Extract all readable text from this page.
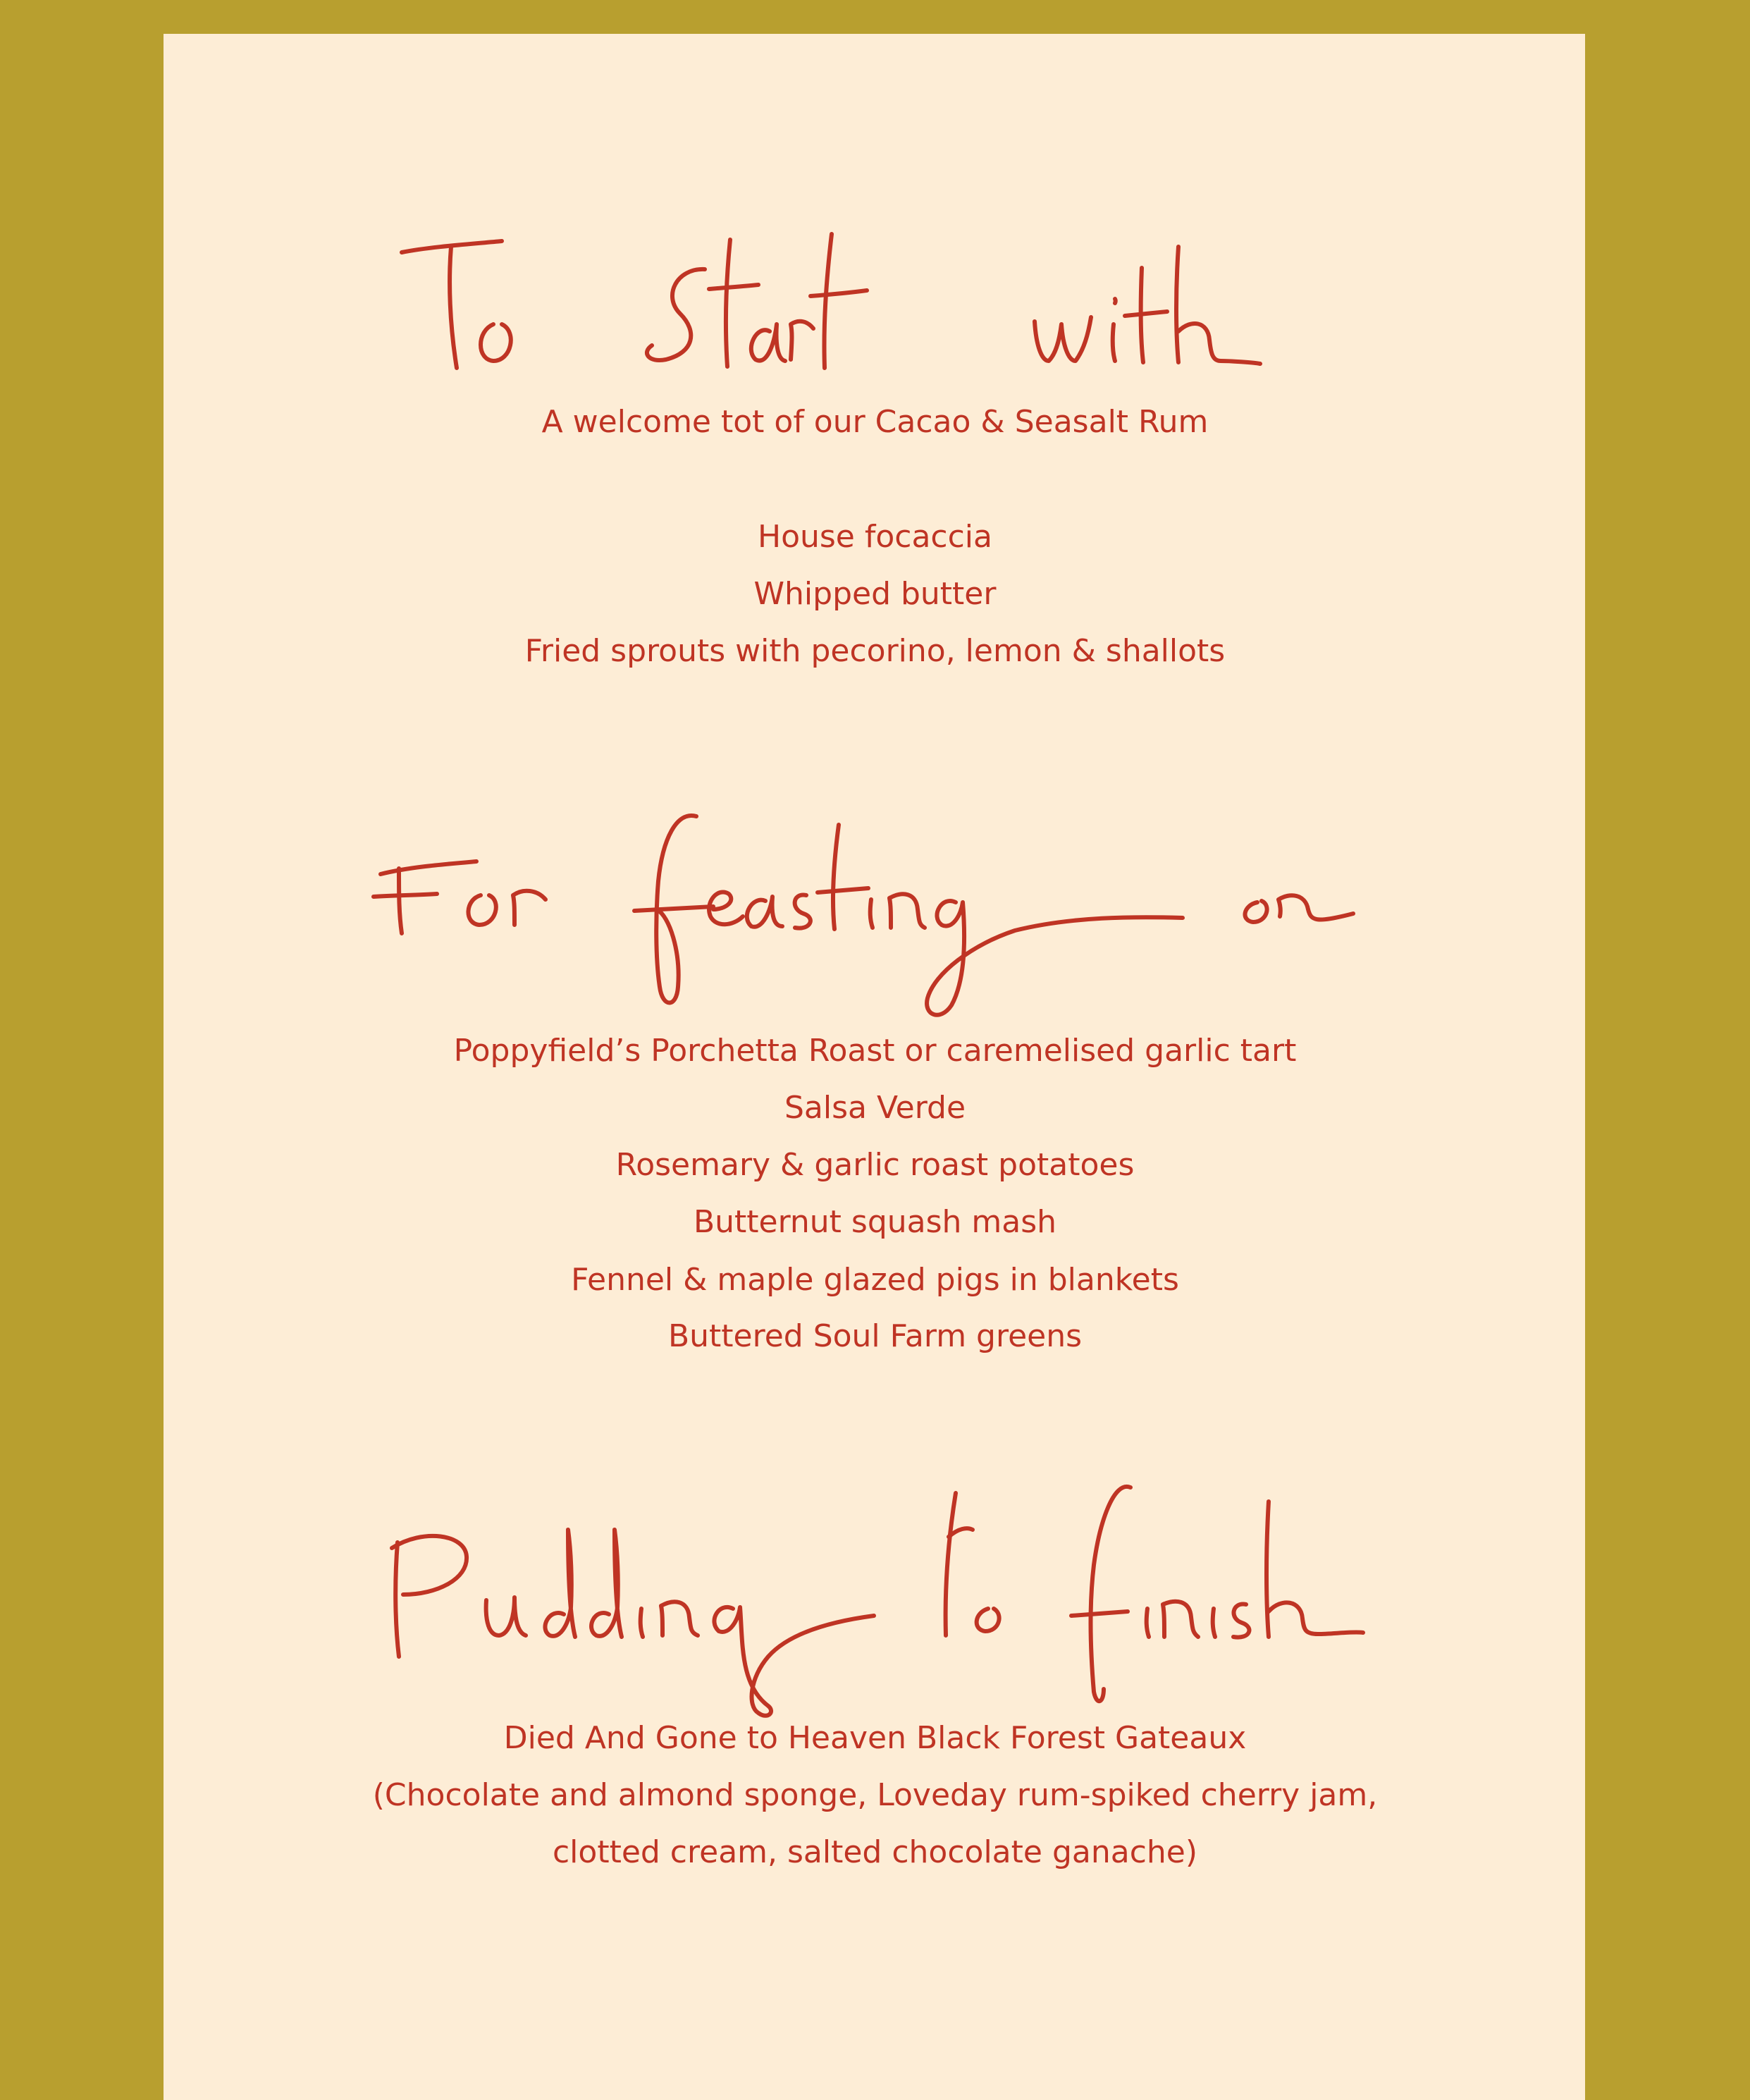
A welcome tot of our Cacao & Seasalt Rum
House focaccia
Whipped butter
Fried sprouts with pecorino, lemon & shallots
Poppyfield’s Porchetta Roast or caremelised garlic tart
Salsa Verde
Rosemary & garlic roast potatoes
Butternut squash mash
Fennel & maple glazed pigs in blankets
Buttered Soul Farm greens
Died And Gone to Heaven Black Forest Gateaux
(Chocolate and almond sponge, Loveday rum-spiked cherry jam,
clotted cream, salted chocolate ganache)
